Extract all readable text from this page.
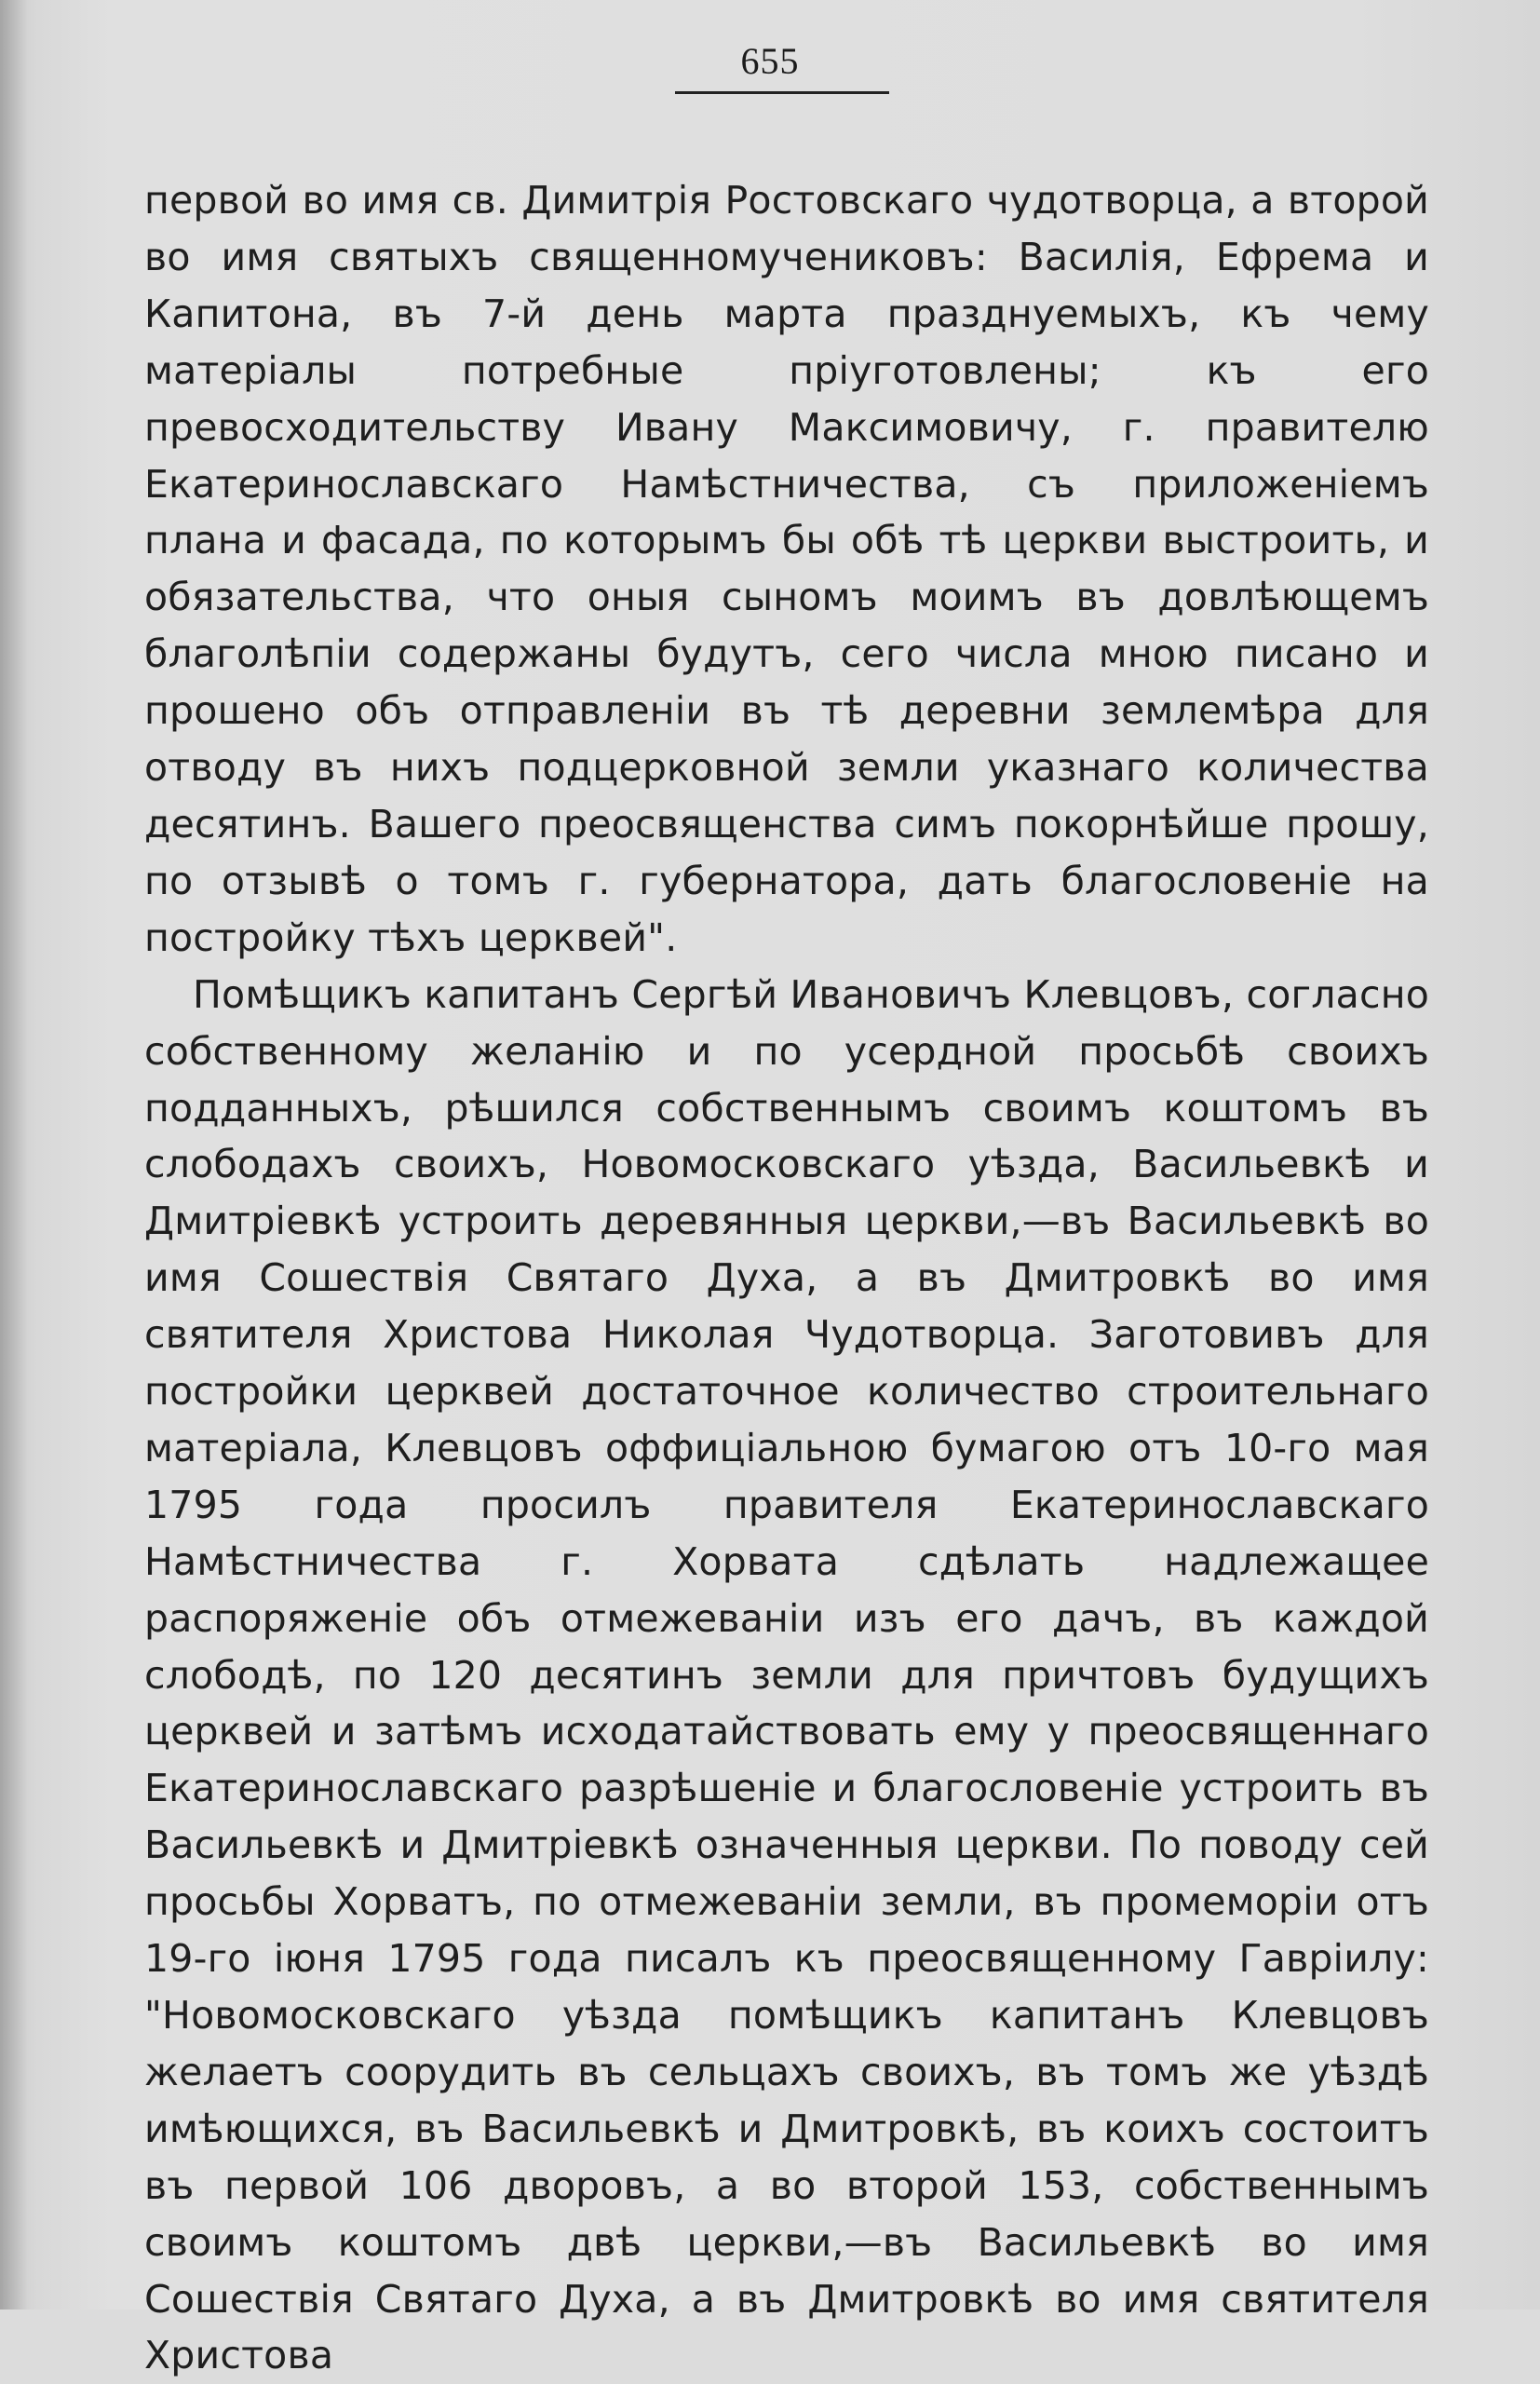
655

первой во имя св. Димитрія Ростовскаго чудотворца, а второй во имя святыхъ священномучениковъ: Василія, Ефрема и Капитона, въ 7-й день марта празднуемыхъ, къ чему матеріалы потребные пріуготовлены; къ его превосходительству Ивану Максимовичу, г. правителю Екатеринославскаго Намѣстничества, съ приложеніемъ плана и фасада, по которымъ бы обѣ тѣ церкви выстроить, и обязательства, что оныя сыномъ моимъ въ довлѣющемъ благолѣпіи содержаны будутъ, сего числа мною писано и прошено объ отправленіи въ тѣ деревни землемѣра для отводу въ нихъ подцерковной земли указнаго количества десятинъ. Вашего преосвященства симъ покорнѣйше прошу, по отзывѣ о томъ г. губернатора, дать благословеніе на постройку тѣхъ церквей".

Помѣщикъ капитанъ Сергѣй Ивановичъ Клевцовъ, согласно собственному желанію и по усердной просьбѣ своихъ подданныхъ, рѣшился собственнымъ своимъ коштомъ въ слободахъ своихъ, Новомосковскаго уѣзда, Васильевкѣ и Дмитріевкѣ устроить деревянныя церкви,—въ Васильевкѣ во имя Сошествія Святаго Духа, а въ Дмитровкѣ во имя святителя Христова Николая Чудотворца. Заготовивъ для постройки церквей достаточное количество строительнаго матеріала, Клевцовъ оффиціальною бумагою отъ 10-го мая 1795 года просилъ правителя Екатеринославскаго Намѣстничества г. Хорвата сдѣлать надлежащее распоряженіе объ отмежеваніи изъ его дачъ, въ каждой слободѣ, по 120 десятинъ земли для причтовъ будущихъ церквей и затѣмъ исходатайствовать ему у преосвященнаго Екатеринославскаго разрѣшеніе и благословеніе устроить въ Васильевкѣ и Дмитріевкѣ означенныя церкви. По поводу сей просьбы Хорватъ, по отмежеваніи земли, въ промеморіи отъ 19-го іюня 1795 года писалъ къ преосвященному Гавріилу: "Новомосковскаго уѣзда помѣщикъ капитанъ Клевцовъ желаетъ соорудить въ сельцахъ своихъ, въ томъ же уѣздѣ имѣющихся, въ Васильевкѣ и Дмитровкѣ, въ коихъ состоитъ въ первой 106 дворовъ, а во второй 153, собственнымъ своимъ коштомъ двѣ церкви,—въ Васильевкѣ во имя Сошествія Святаго Духа, а въ Дмитровкѣ во имя святителя Христова
